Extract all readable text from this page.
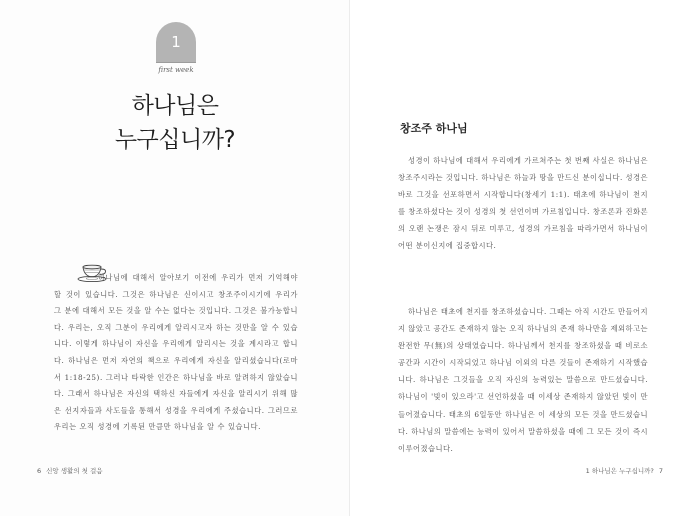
1
first week
하나님은
누구십니까?

하나님에 대해서 알아보기 이전에 우리가 먼저 기억해야 할 것이 있습니다. 그것은 하나님은 신이시고 창조주이시기에 우리가 그 분에 대해서 모든 것을 알 수는 없다는 것입니다. 그것은 불가능합니다. 우리는, 오직 그분이 우리에게 알리시고자 하는 것만을 알 수 있습니다. 이렇게 하나님이 자신을 우리에게 알리시는 것을 계시라고 합니다. 하나님은 먼저 자연의 책으로 우리에게 자신을 알리셨습니다(로마서 1:18-25). 그러나 타락한 인간은 하나님을 바로 알려하지 않았습니다. 그래서 하나님은 자신의 택하신 자들에게 자신을 알리시기 위해 많은 선지자들과 사도들을 통해서 성경을 우리에게 주셨습니다. 그러므로 우리는 오직 성경에 기록된 만큼만 하나님을 알 수 있습니다.

6 신앙 생활의 첫 걸음	1 하나님은 누구십니까? 7

창조주 하나님

성경이 하나님에 대해서 우리에게 가르쳐주는 첫 번째 사실은 하나님은 창조주시라는 것입니다. 하나님은 하늘과 땅을 만드신 분이십니다. 성경은 바로 그것을 선포하면서 시작합니다(창세기 1:1). 태초에 하나님이 천지를 창조하셨다는 것이 성경의 첫 선언이며 가르침입니다. 창조론과 진화론의 오랜 논쟁은 잠시 뒤로 미루고, 성경의 가르침을 따라가면서 하나님이 어떤 분이신지에 집중합시다.

하나님은 태초에 천지를 창조하셨습니다. 그때는 아직 시간도 만들어지지 않았고 공간도 존재하지 않는 오직 하나님의 존재 하나만을 제외하고는 완전한 무(無)의 상태였습니다. 하나님께서 천지를 창조하셨을 때 비로소 공간과 시간이 시작되었고 하나님 이외의 다른 것들이 존재하기 시작했습니다. 하나님은 그것들을 오직 자신의 능력있는 말씀으로 만드셨습니다. 하나님이 '빛이 있으라'고 선언하셨을 때 이세상 존재하지 않았던 빛이 만들어졌습니다. 태초의 6일동안 하나님은 이 세상의 모든 것을 만드셨습니다. 하나님의 말씀에는 능력이 있어서 말씀하셨을 때에 그 모든 것이 즉시 이루어졌습니다.
